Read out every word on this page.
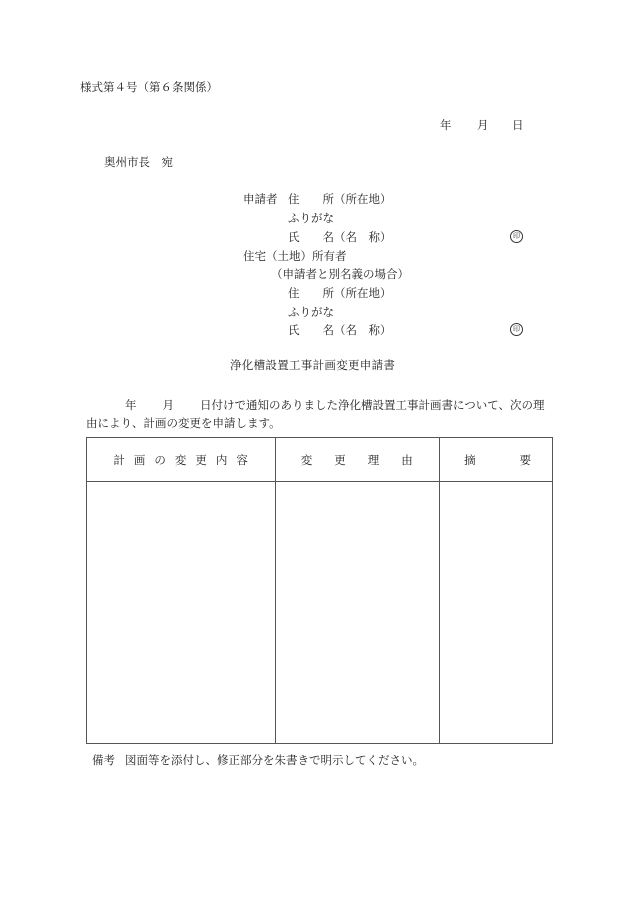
様式第４号（第６条関係）
年 月 日
奥州市長　宛
申請者 住　　所（所在地）
ふりがな
氏　　名（名　称）	印
住宅（土地）所有者
（申請者と別名義の場合）
住　　所（所在地）
ふりがな
氏　　名（名　称）	印
浄化槽設置工事計画変更申請書
年 月 日付けで通知のありました浄化槽設置工事計画書について、次の理由により、計画の変更を申請します。
計画の変更内容	変更理由	摘 要

備考 図面等を添付し、修正部分を朱書きで明示してください。
